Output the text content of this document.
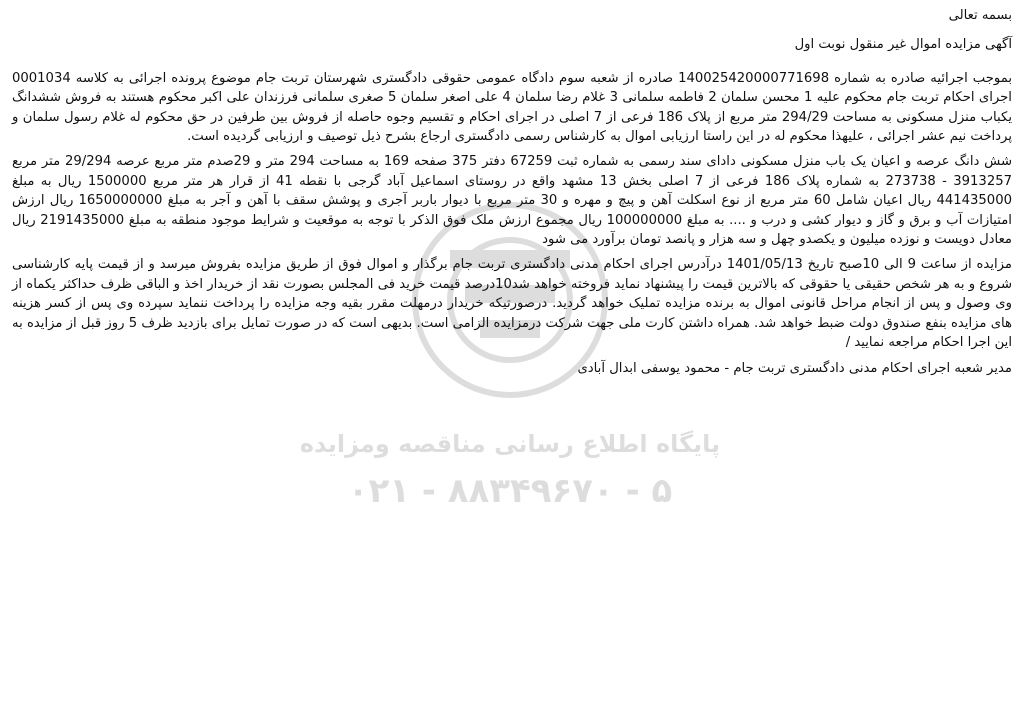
پایگاه اطلاع رسانی مناقصه ومزایده
۰۲۱ - ۸۸۳۴۹۶۷۰ - ۵

بسمه تعالی

آگهی مزایده اموال غیر منقول نوبت اول

بموجب اجرائیه صادره به شماره 140025420000771698 صادره از شعبه سوم دادگاه عمومی حقوقی دادگستری شهرستان تربت جام موضوع پرونده اجرائی به کلاسه 0001034 اجرای احکام تربت جام محکوم علیه 1 محسن سلمان 2 فاطمه سلمانی 3 غلام رضا سلمان 4 علی اصغر سلمان 5 صغری سلمانی فرزندان علی اکبر محکوم هستند به فروش ششدانگ یکباب منزل مسکونی به مساحت 294/29 متر مربع از پلاک 186 فرعی از 7 اصلی در اجرای احکام و تقسیم وجوه حاصله از فروش بین طرفین در حق محکوم له غلام رسول سلمان و پرداخت نیم عشر اجرائی ، علیهذا محکوم له در این راستا ارزیابی اموال به کارشناس رسمی دادگستری ارجاع بشرح ذیل توصیف و ارزیابی گردیده است.

شش دانگ عرصه و اعیان یک باب منزل مسکونی دادای سند رسمی به شماره ثبت 67259 دفتر 375 صفحه 169 به مساحت 294 متر و 29صدم متر مربع عرصه 29/294 متر مربع 3913257 - 273738 به شماره پلاک 186 فرعی از 7 اصلی بخش 13 مشهد واقع در روستای اسماعیل آباد گرجی با نقطه 41 از قرار هر متر مربع 1500000 ریال به مبلغ 441435000 ریال اعیان شامل 60 متر مربع از نوع اسکلت آهن و پیچ و مهره و 30 متر مربع با دیوار باربر آجری و پوشش سقف با آهن و آجر به مبلغ 1650000000 ریال ارزش امتیازات آب و برق و گاز و دیوار کشی و درب و .... به مبلغ 100000000 ریال مجموع ارزش ملک فوق الذکر با توجه به موقعیت و شرایط موجود منطقه به مبلغ 2191435000 ریال معادل دویست و نوزده میلیون و یکصدو چهل و سه هزار و پانصد تومان برآورد می شود

مزایده از ساعت 9 الی 10صبح تاریخ 1401/05/13 درآدرس اجرای احکام مدنی دادگستری تربت جام برگذار و اموال فوق از طریق مزایده بفروش میرسد و از قیمت پایه کارشناسی شروع و به هر شخص حقیقی یا حقوقی که بالاترین قیمت را پیشنهاد نماید فروخته خواهد شد10درصد قیمت خرید فی المجلس بصورت نقد از خریدار اخذ و الباقی ظرف حداکثر یکماه از وی وصول و پس از انجام مراحل قانونی اموال به برنده مزایده تملیک خواهد گردید. درصورتیکه خریدار درمهلت مقرر بقیه وجه مزایده را پرداخت ننماید سپرده وی پس از کسر هزینه های مزایده بنفع صندوق دولت ضبط خواهد شد. همراه داشتن کارت ملی جهت شرکت درمزایده الزامی است. بدیهی است که در صورت تمایل برای بازدید ظرف 5 روز قبل از مزایده به این اجرا احکام مراجعه نمایید /

مدیر شعبه اجرای احکام مدنی دادگستری تربت جام - محمود یوسفی ابدال آبادی
